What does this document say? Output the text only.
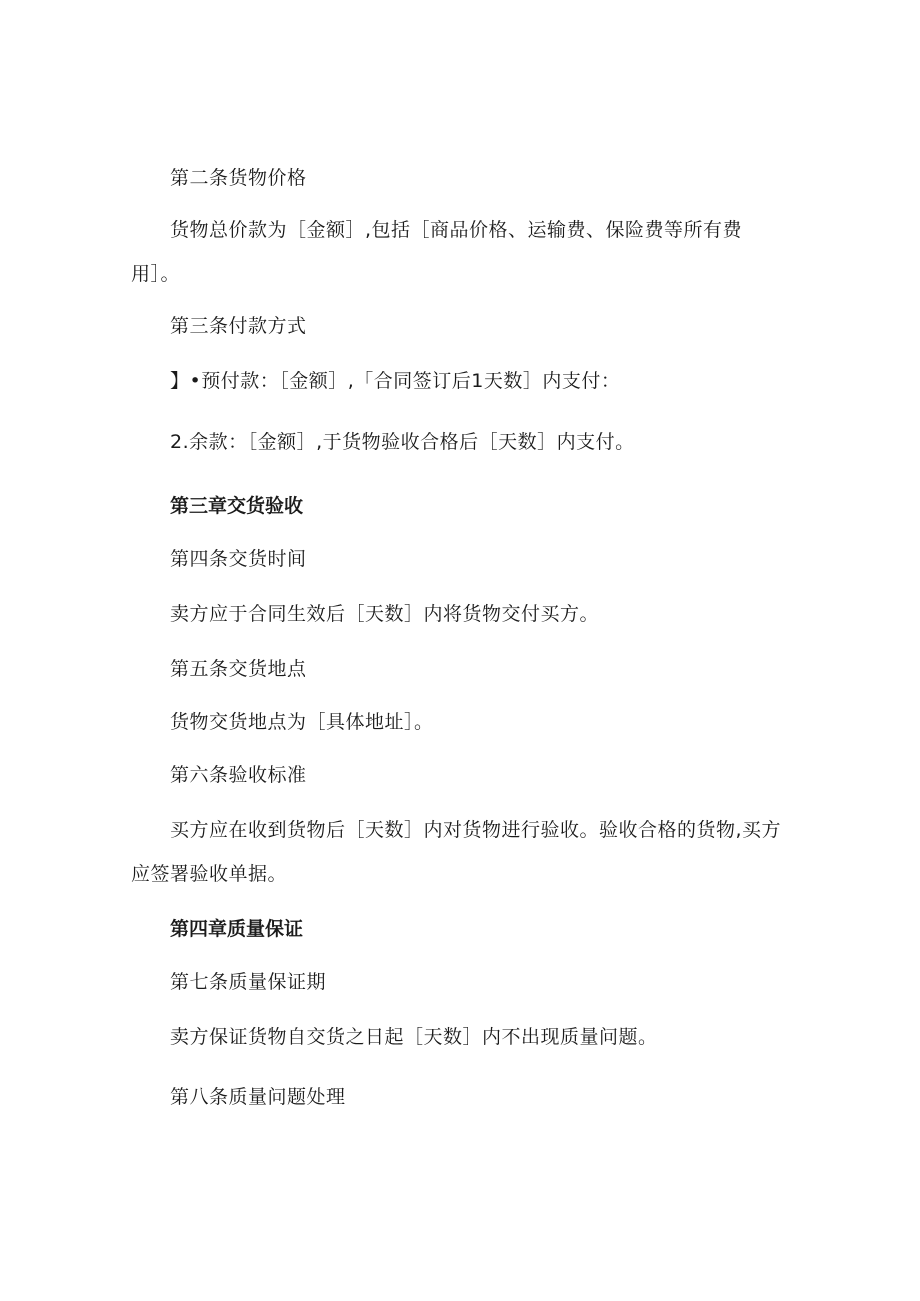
第二条货物价格

货物总价款为［金额］,包括［商品价格、运输费、保险费等所有费用］。

第三条付款方式

】•预付款：［金额］,「合同签订后1天数］内支付：

2.余款：［金额］,于货物验收合格后［天数］内支付。

第三章交货验收

第四条交货时间

卖方应于合同生效后［天数］内将货物交付买方。

第五条交货地点

货物交货地点为［具体地址］。

第六条验收标准

买方应在收到货物后［天数］内对货物进行验收。验收合格的货物,买方应签署验收单据。

第四章质量保证

第七条质量保证期

卖方保证货物自交货之日起［天数］内不出现质量问题。

第八条质量问题处理
